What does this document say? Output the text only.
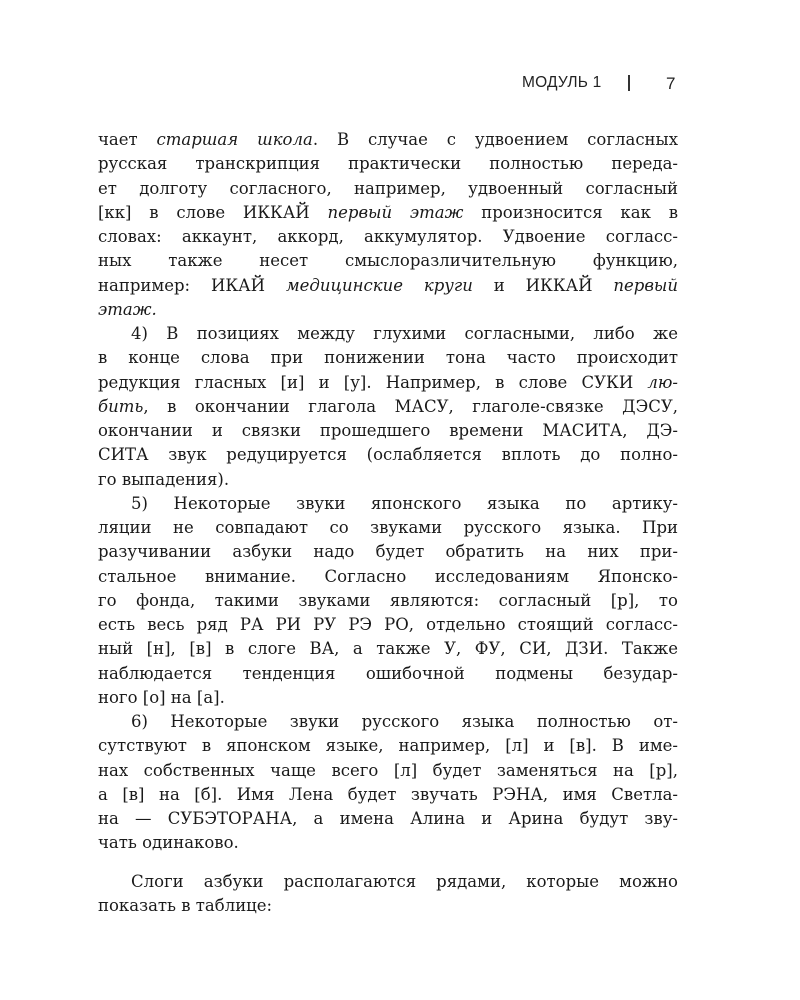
МОДУЛЬ 1	7
чает старшая школа. В случае с удвоением согласных
русская транскрипция практически полностью переда-
ет долготу согласного, например, удвоенный согласный
[кк] в слове ИККАЙ первый этаж произносится как в
словах: аккаунт, аккорд, аккумулятор. Удвоение согласс-
ных также несет смыслоразличительную функцию,
например: ИКАЙ медицинские круги и ИККАЙ первый
этаж.
4) В позициях между глухими согласными, либо же
в конце слова при понижении тона часто происходит
редукция гласных [и] и [у]. Например, в слове СУКИ лю-
бить, в окончании глагола МАСУ, глаголе-связке ДЭСУ,
окончании и связки прошедшего времени МАСИТА, ДЭ-
СИТА звук редуцируется (ослабляется вплоть до полно-
го выпадения).
5) Некоторые звуки японского языка по артику-
ляции не совпадают со звуками русского языка. При
разучивании азбуки надо будет обратить на них при-
стальное внимание. Согласно исследованиям Японско-
го фонда, такими звуками являются: согласный [р], то
есть весь ряд РА РИ РУ РЭ РО, отдельно стоящий согласс-
ный [н], [в] в слоге ВА, а также У, ФУ, СИ, ДЗИ. Также
наблюдается тенденция ошибочной подмены безудар-
ного [о] на [а].
6) Некоторые звуки русского языка полностью от-
сутствуют в японском языке, например, [л] и [в]. В име-
нах собственных чаще всего [л] будет заменяться на [р],
а [в] на [б]. Имя Лена будет звучать РЭНА, имя Светла-
на — СУБЭТОРАНА, а имена Алина и Арина будут зву-
чать одинаково.
Слоги азбуки располагаются рядами, которые можно
показать в таблице:
